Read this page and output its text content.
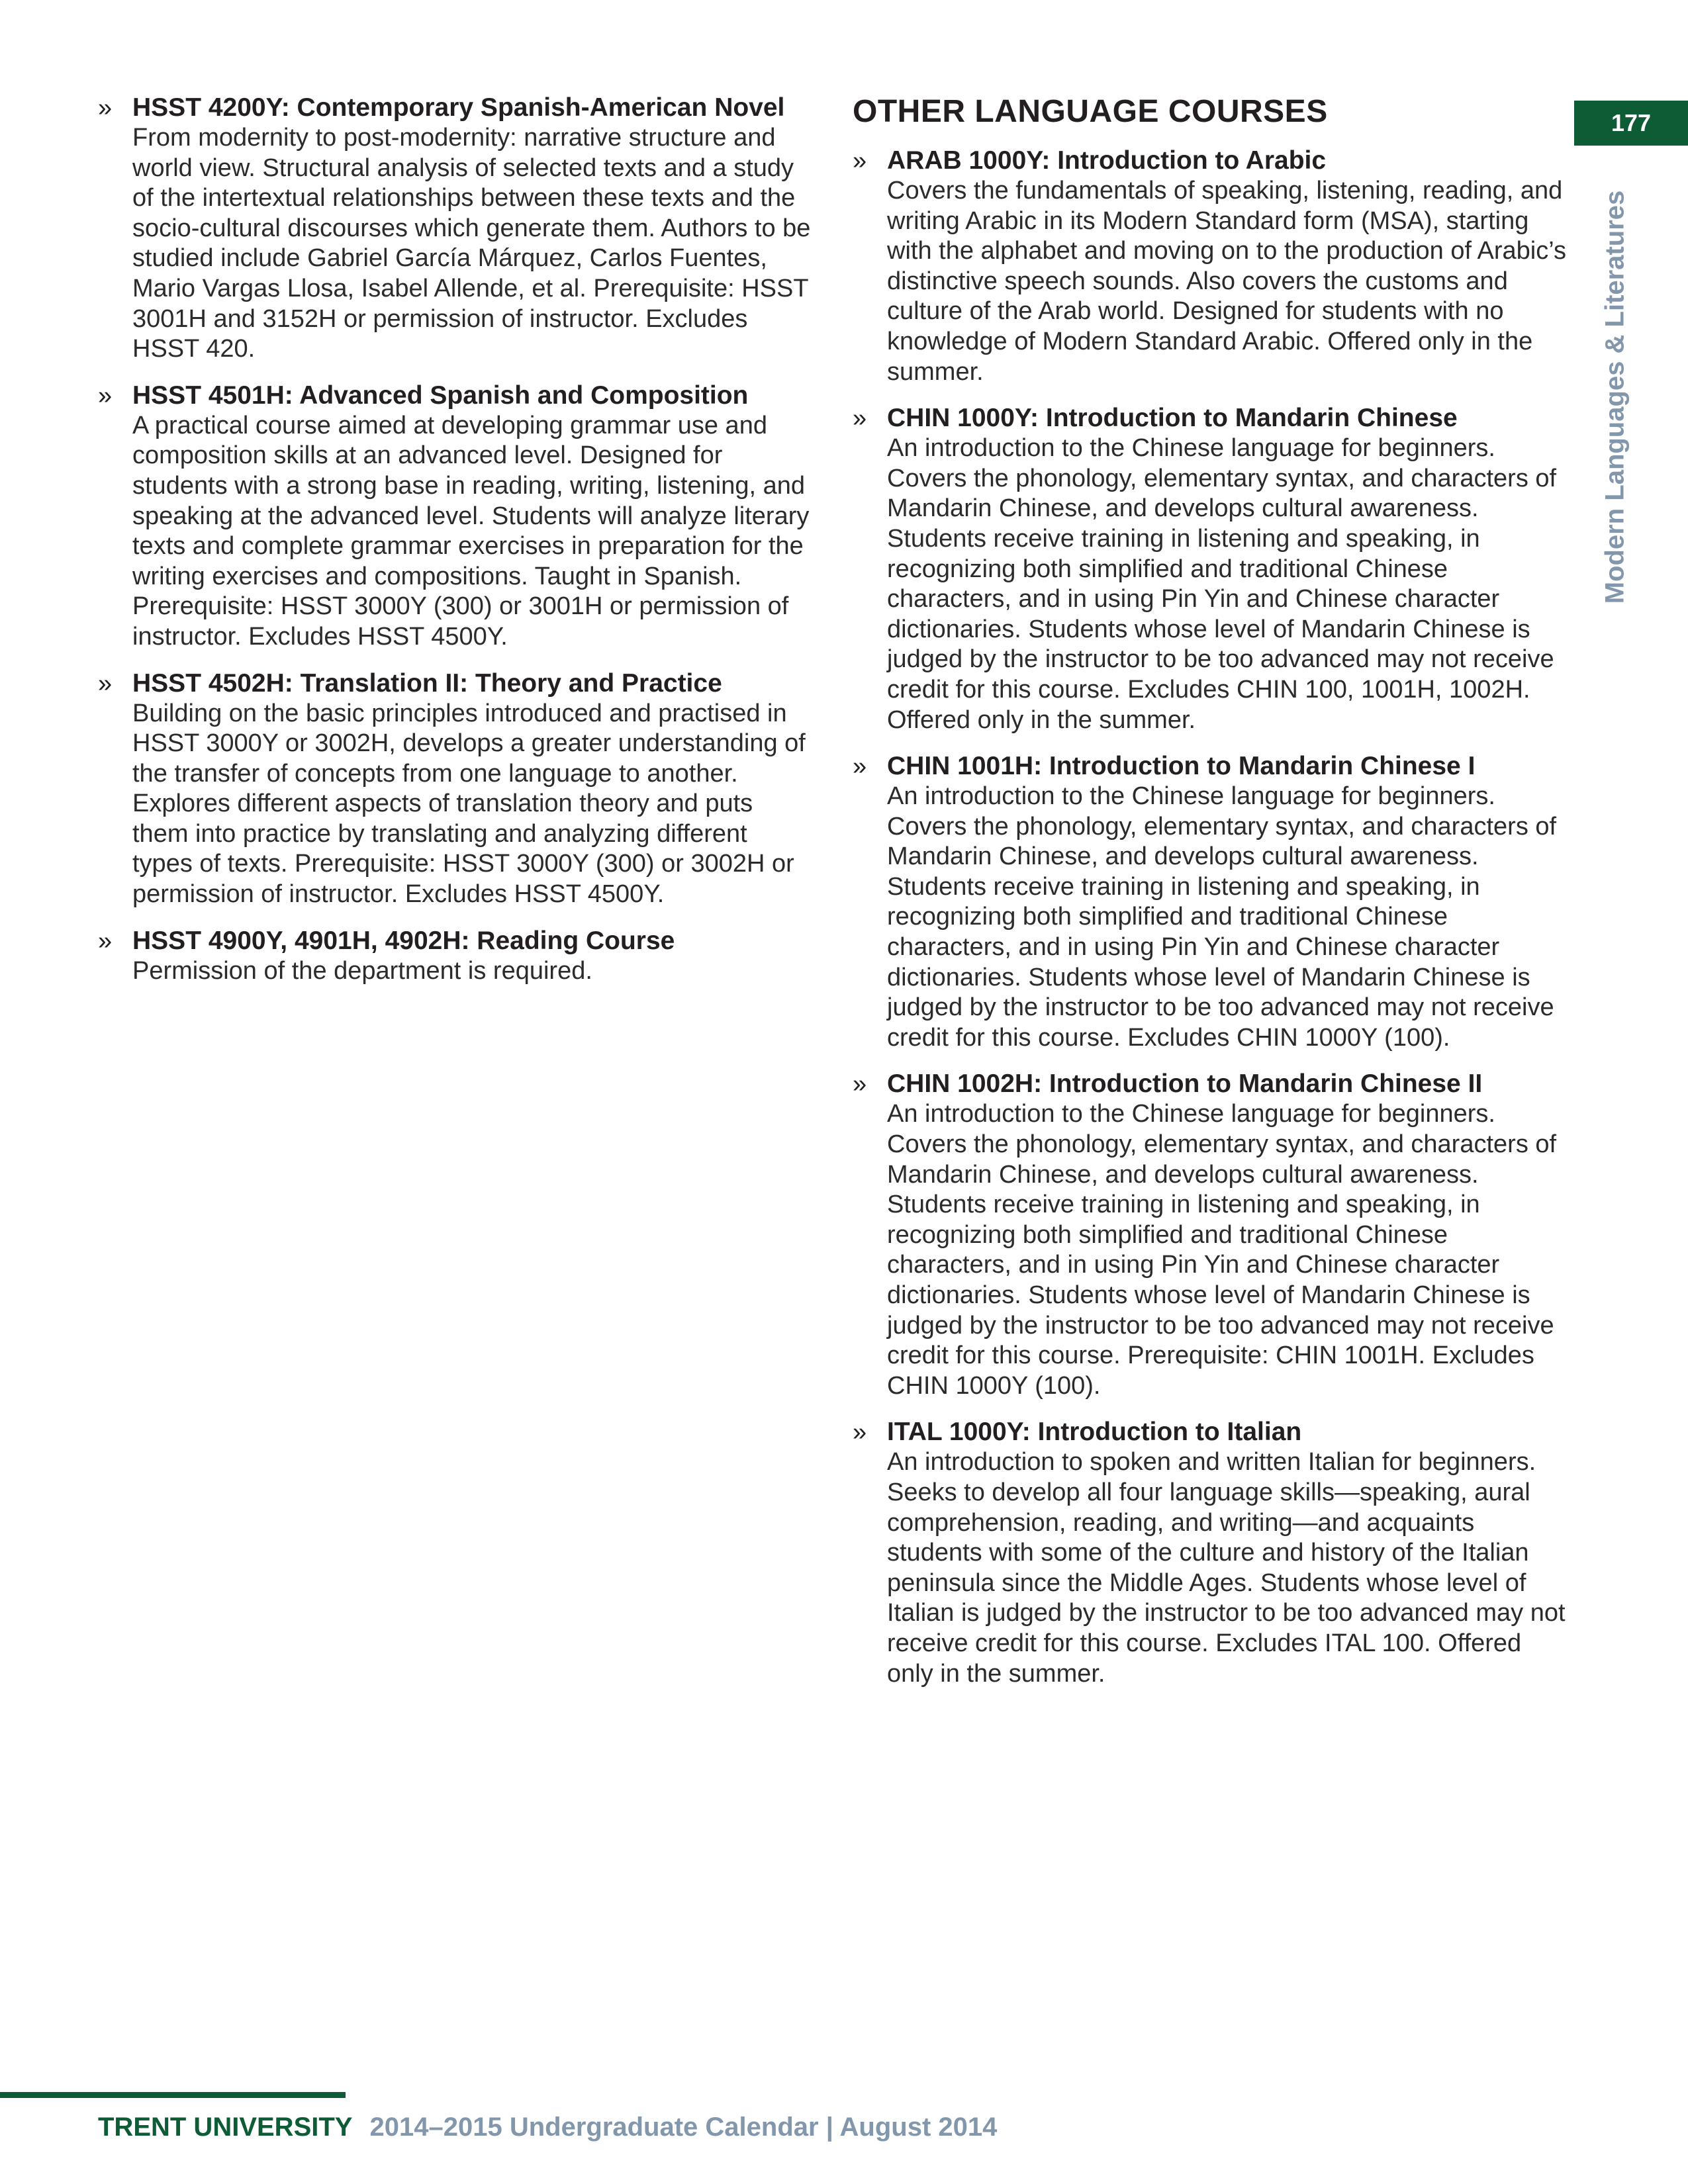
» HSST 4200Y: Contemporary Spanish-American Novel
From modernity to post-modernity: narrative structure and world view. Structural analysis of selected texts and a study of the intertextual relationships between these texts and the socio-cultural discourses which generate them. Authors to be studied include Gabriel García Márquez, Carlos Fuentes, Mario Vargas Llosa, Isabel Allende, et al. Prerequisite: HSST 3001H and 3152H or permission of instructor. Excludes HSST 420.
» HSST 4501H: Advanced Spanish and Composition
A practical course aimed at developing grammar use and composition skills at an advanced level. Designed for students with a strong base in reading, writing, listening, and speaking at the advanced level. Students will analyze literary texts and complete grammar exercises in preparation for the writing exercises and compositions. Taught in Spanish. Prerequisite: HSST 3000Y (300) or 3001H or permission of instructor. Excludes HSST 4500Y.
» HSST 4502H: Translation II: Theory and Practice
Building on the basic principles introduced and practised in HSST 3000Y or 3002H, develops a greater understanding of the transfer of concepts from one language to another. Explores different aspects of translation theory and puts them into practice by translating and analyzing different types of texts. Prerequisite: HSST 3000Y (300) or 3002H or permission of instructor. Excludes HSST 4500Y.
» HSST 4900Y, 4901H, 4902H: Reading Course
Permission of the department is required.
OTHER LANGUAGE COURSES
» ARAB 1000Y: Introduction to Arabic
Covers the fundamentals of speaking, listening, reading, and writing Arabic in its Modern Standard form (MSA), starting with the alphabet and moving on to the production of Arabic’s distinctive speech sounds. Also covers the customs and culture of the Arab world. Designed for students with no knowledge of Modern Standard Arabic. Offered only in the summer.
» CHIN 1000Y: Introduction to Mandarin Chinese
An introduction to the Chinese language for beginners. Covers the phonology, elementary syntax, and characters of Mandarin Chinese, and develops cultural awareness. Students receive training in listening and speaking, in recognizing both simplified and traditional Chinese characters, and in using Pin Yin and Chinese character dictionaries. Students whose level of Mandarin Chinese is judged by the instructor to be too advanced may not receive credit for this course. Excludes CHIN 100, 1001H, 1002H. Offered only in the summer.
» CHIN 1001H: Introduction to Mandarin Chinese I
An introduction to the Chinese language for beginners. Covers the phonology, elementary syntax, and characters of Mandarin Chinese, and develops cultural awareness. Students receive training in listening and speaking, in recognizing both simplified and traditional Chinese characters, and in using Pin Yin and Chinese character dictionaries. Students whose level of Mandarin Chinese is judged by the instructor to be too advanced may not receive credit for this course. Excludes CHIN 1000Y (100).
» CHIN 1002H: Introduction to Mandarin Chinese II
An introduction to the Chinese language for beginners. Covers the phonology, elementary syntax, and characters of Mandarin Chinese, and develops cultural awareness. Students receive training in listening and speaking, in recognizing both simplified and traditional Chinese characters, and in using Pin Yin and Chinese character dictionaries. Students whose level of Mandarin Chinese is judged by the instructor to be too advanced may not receive credit for this course. Prerequisite: CHIN 1001H. Excludes CHIN 1000Y (100).
» ITAL 1000Y: Introduction to Italian
An introduction to spoken and written Italian for beginners. Seeks to develop all four language skills—speaking, aural comprehension, reading, and writing—and acquaints students with some of the culture and history of the Italian peninsula since the Middle Ages. Students whose level of Italian is judged by the instructor to be too advanced may not receive credit for this course. Excludes ITAL 100. Offered only in the summer.
177
Modern Languages & Literatures
TRENT UNIVERSITY 2014–2015 Undergraduate Calendar | August 2014
